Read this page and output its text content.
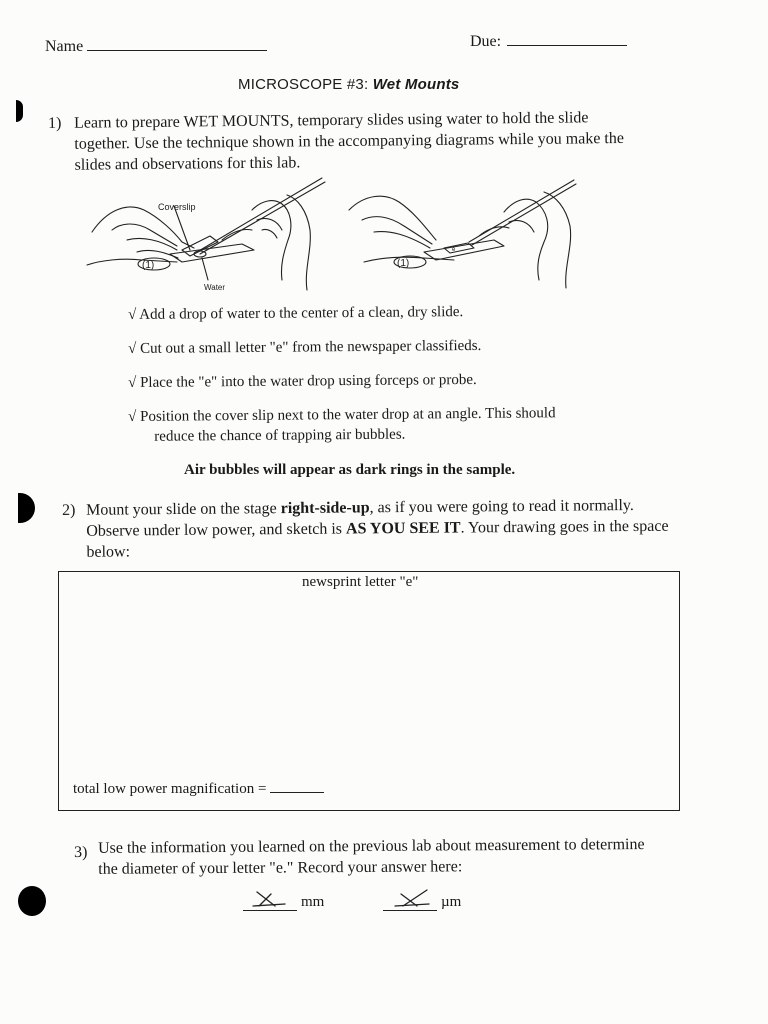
Name	Due:
MICROSCOPE #3: Wet Mounts
1) Learn to prepare WET MOUNTS, temporary slides using water to hold the slide together. Use the technique shown in the accompanying diagrams while you make the slides and observations for this lab.
(1)	(1)
e
Coverslip
Water
√ Add a drop of water to the center of a clean, dry slide.
√ Cut out a small letter "e" from the newspaper classifieds.
√ Place the "e" into the water drop using forceps or probe.
√ Position the cover slip next to the water drop at an angle. This should
reduce the chance of trapping air bubbles.
Air bubbles will appear as dark rings in the sample.
2) Mount your slide on the stage right-side-up, as if you were going to read it normally. Observe under low power, and sketch is AS YOU SEE IT. Your drawing goes in the space below:
newsprint letter "e"
total low power magnification =
3) Use the information you learned on the previous lab about measurement to determine the diameter of your letter "e." Record your answer here:
mm	µm
